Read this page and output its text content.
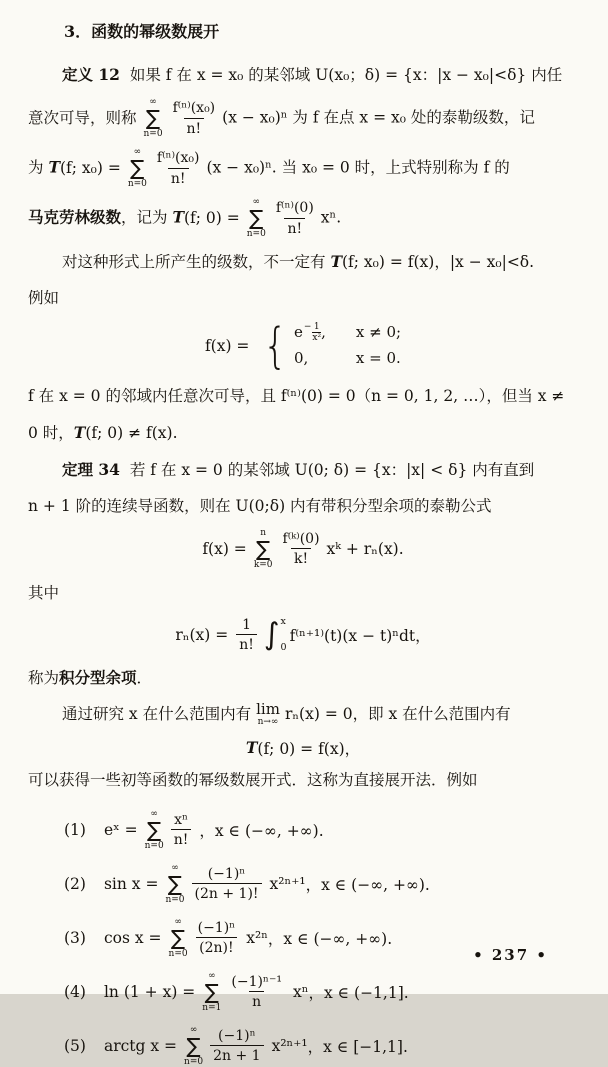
3．函数的幂级数展开
定义 12 如果 f 在 x = x₀ 的某邻域 U(x₀；δ) = {x：|x − x₀|<δ} 内任
意次可导，则称
∞
∑
$n=0 \frac{\text{f⁽ⁿ⁾(x₀)}}{n!} (x - x_0)^n$ 为 f 在点 x = x₀ 处的泰勒级数，记
为 T(f; x₀) =
∞
∑
$n=0 \frac{\text{f⁽ⁿ⁾(x₀)}}{n!} (x - x_0)^n$. 当 x₀ = 0 时，上式特别称为 f 的
马克劳林级数，记为 T(f; 0) =
∞
∑
$n=0 \frac{\text{f⁽ⁿ⁾(0)}}{n!} x^n$.
对这种形式上所产生的级数，不一定有 T(f; x₀) = f(x)，|x − x₀|<δ.
例如
f(x) = { $e - \frac{1}{\text{x²}}$ , x ≠ 0;
0,	x = 0.
f 在 x = 0 的邻域内任意次可导，且 f⁽ⁿ⁾(0) = 0（n = 0, 1, 2, …），但当 x ≠
0 时，T(f; 0) ≠ f(x).
定理 34 若 f 在 x = 0 的某邻域 U(0; δ) = {x：|x| < δ} 内有直到
n + 1 阶的连续导函数，则在 U(0;δ) 内有带积分型余项的泰勒公式
f(x) =
n
∑
$k=0 \frac{\text{f⁽ᵏ⁾(0)}}{k!}$ xᵏ + rₙ(x).
其中
$r_n(x) = \frac{1}{n!}$ ∫ x
0
f⁽ⁿ⁺¹⁾(t)(x − t)ⁿdt，
称为积分型余项．
通过研究 x 在什么范围内有 lim
n→∞ rₙ(x) = 0，即 x 在什么范围内有
T (f; 0) = f(x)，
可以获得一些初等函数的幂级数展开式．这称为直接展开法．例如
(1) eˣ =
∞
∑
$n=0 \frac{\text{xⁿ}}{n!}$ ，x ∈ (−∞, +∞).
(2) sin x =
∞
∑
$n=0 \frac{\text{(−1)ⁿ}}{(2n + 1)!} x^{2n+1}$ ，x ∈ (−∞, +∞).
(3) cos x =
∞
∑
$n=0 \frac{\text{(−1)ⁿ}}{(2n)!} x^{2n}$ ，x ∈ (−∞, +∞).
(4) ln (1 + x) =
∞
∑
$n=1 \frac{\text{(−1)ⁿ⁻¹}}{n}$ xⁿ ，x ∈ (−1,1].
(5) arctg x =
∞
∑
$n=0 \frac{\text{(−1)ⁿ}}{2n + 1} x^{2n+1}$ ，x ∈ [−1,1].
• 237 •
